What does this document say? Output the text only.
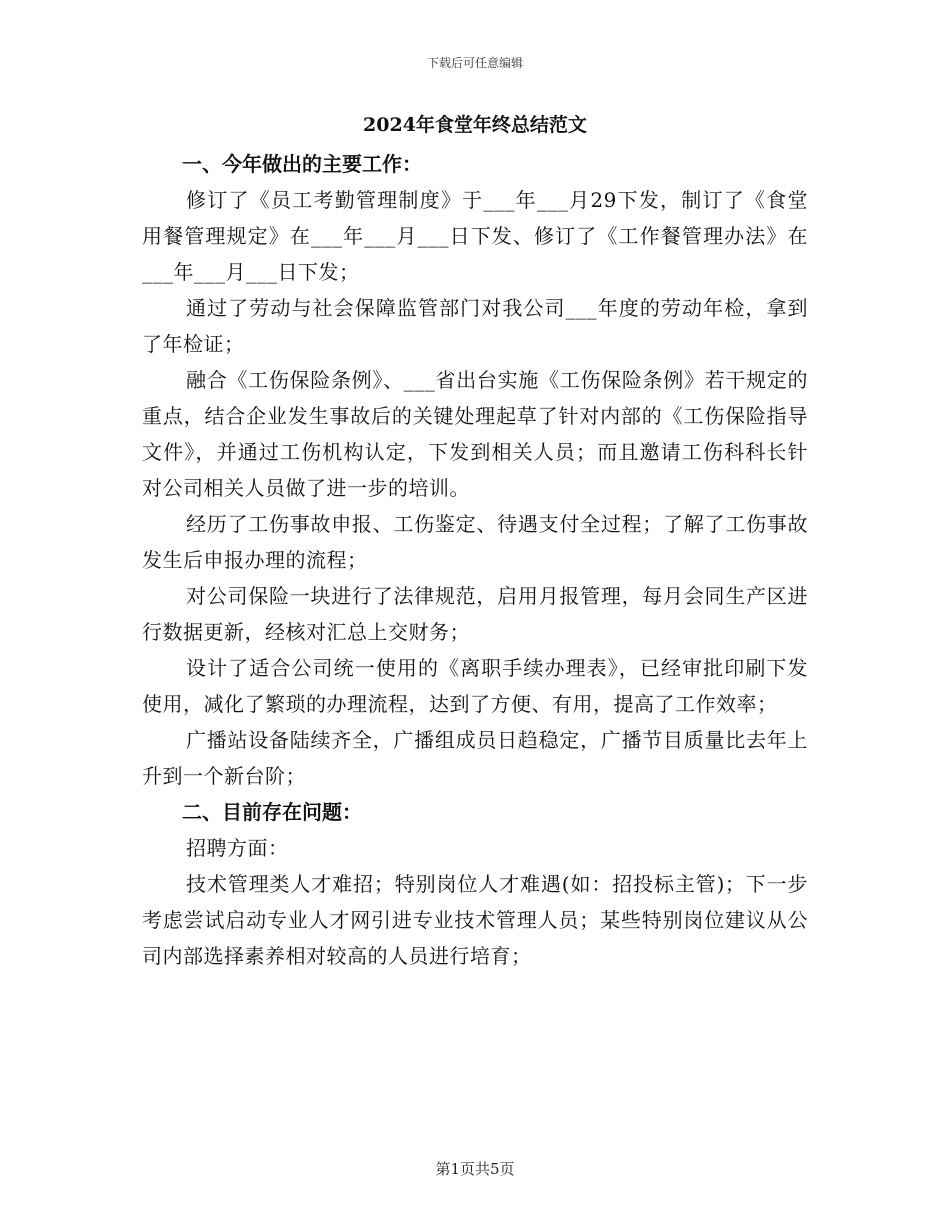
下载后可任意编辑
2024年食堂年终总结范文

一、今年做出的主要工作：

修订了《员工考勤管理制度》于___年___月29下发，制订了《食堂用餐管理规定》在___年___月___日下发、修订了《工作餐管理办法》在___年___月___日下发；

通过了劳动与社会保障监管部门对我公司___年度的劳动年检，拿到了年检证；

融合《工伤保险条例》、___省出台实施《工伤保险条例》若干规定的重点，结合企业发生事故后的关键处理起草了针对内部的《工伤保险指导文件》，并通过工伤机构认定，下发到相关人员；而且邀请工伤科科长针对公司相关人员做了进一步的培训。

经历了工伤事故申报、工伤鉴定、待遇支付全过程；了解了工伤事故发生后申报办理的流程；

对公司保险一块进行了法律规范，启用月报管理，每月会同生产区进行数据更新，经核对汇总上交财务；

设计了适合公司统一使用的《离职手续办理表》，已经审批印刷下发使用，减化了繁琐的办理流程，达到了方便、有用，提高了工作效率；

广播站设备陆续齐全，广播组成员日趋稳定，广播节目质量比去年上升到一个新台阶；

二、目前存在问题：

招聘方面：

技术管理类人才难招；特别岗位人才难遇(如：招投标主管)；下一步考虑尝试启动专业人才网引进专业技术管理人员；某些特别岗位建议从公司内部选择素养相对较高的人员进行培育；

第1页共5页
